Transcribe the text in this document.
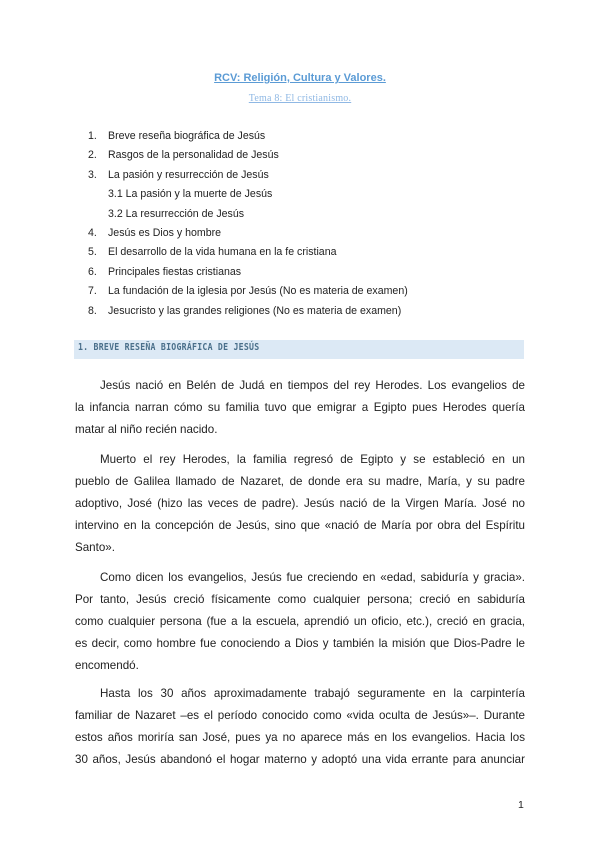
RCV: Religión, Cultura y Valores.
Tema 8: El cristianismo.
1. Breve reseña biográfica de Jesús
2. Rasgos de la personalidad de Jesús
3. La pasión y resurrección de Jesús
3.1 La pasión y la muerte de Jesús
3.2 La resurrección de Jesús
4. Jesús es Dios y hombre
5. El desarrollo de la vida humana en la fe cristiana
6. Principales fiestas cristianas
7. La fundación de la iglesia por Jesús (No es materia de examen)
8. Jesucristo y las grandes religiones (No es materia de examen)
1. BREVE RESEÑA BIOGRÁFICA DE JESÚS
Jesús nació en Belén de Judá en tiempos del rey Herodes. Los evangelios de
la infancia narran cómo su familia tuvo que emigrar a Egipto pues Herodes quería
matar al niño recién nacido.
Muerto el rey Herodes, la familia regresó de Egipto y se estableció en un
pueblo de Galilea llamado de Nazaret, de donde era su madre, María, y su padre
adoptivo, José (hizo las veces de padre). Jesús nació de la Virgen María. José no
intervino en la concepción de Jesús, sino que «nació de María por obra del Espíritu
Santo».
Como dicen los evangelios, Jesús fue creciendo en «edad, sabiduría y gracia».
Por tanto, Jesús creció físicamente como cualquier persona; creció en sabiduría
como cualquier persona (fue a la escuela, aprendió un oficio, etc.), creció en gracia,
es decir, como hombre fue conociendo a Dios y también la misión que Dios-Padre le
encomendó.
Hasta los 30 años aproximadamente trabajó seguramente en la carpintería
familiar de Nazaret –es el período conocido como «vida oculta de Jesús»–. Durante
estos años moriría san José, pues ya no aparece más en los evangelios. Hacia los
30 años, Jesús abandonó el hogar materno y adoptó una vida errante para anunciar
1
